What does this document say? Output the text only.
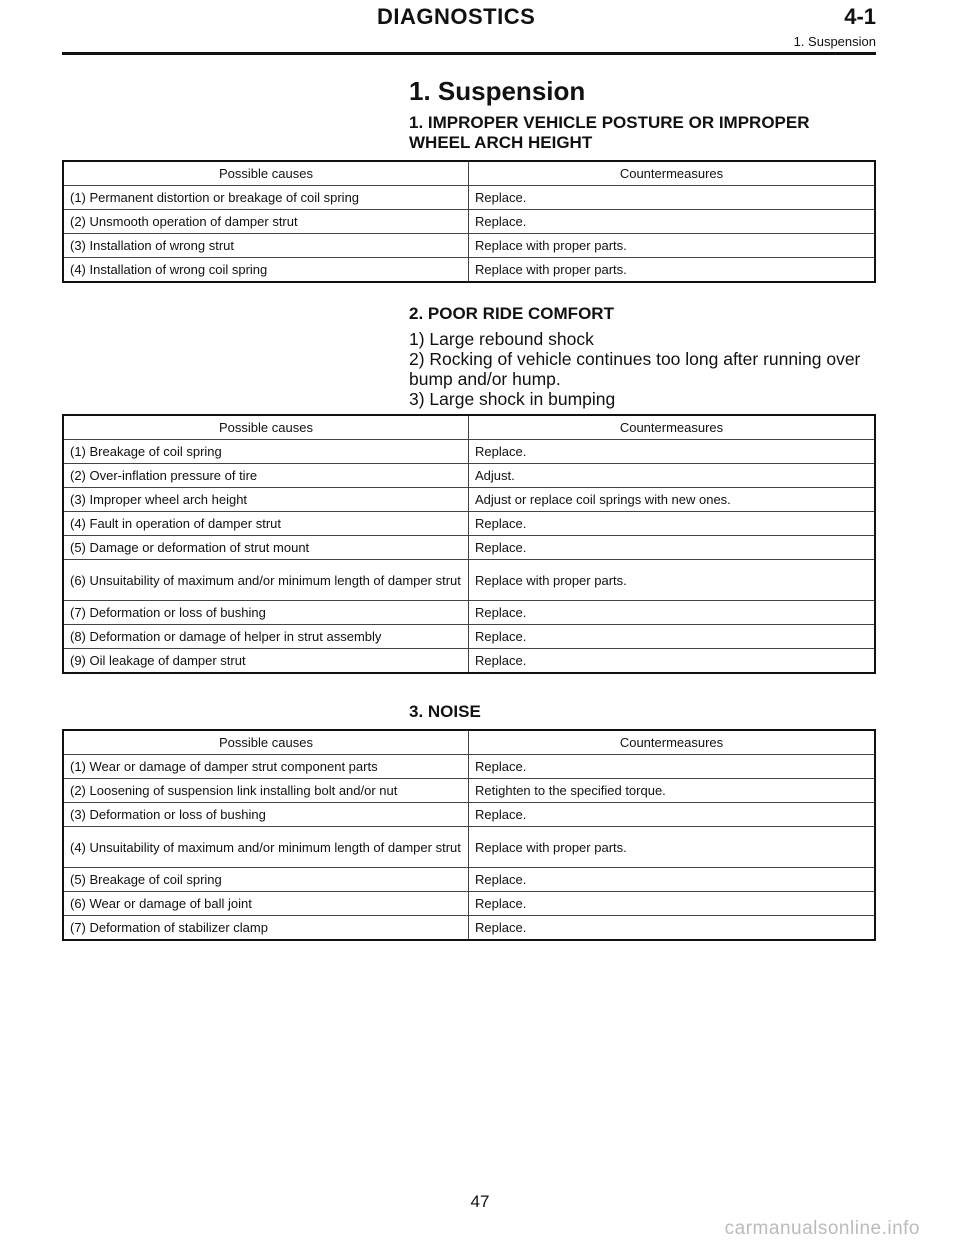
DIAGNOSTICS	4-1
1. Suspension
1. Suspension
1. IMPROPER VEHICLE POSTURE OR IMPROPER WHEEL ARCH HEIGHT
Possible causes	Countermeasures
(1) Permanent distortion or breakage of coil spring	Replace.
(2) Unsmooth operation of damper strut	Replace.
(3) Installation of wrong strut	Replace with proper parts.
(4) Installation of wrong coil spring	Replace with proper parts.
2. POOR RIDE COMFORT
1) Large rebound shock
2) Rocking of vehicle continues too long after running over bump and/or hump.
3) Large shock in bumping
Possible causes	Countermeasures
(1) Breakage of coil spring	Replace.
(2) Over-inflation pressure of tire	Adjust.
(3) Improper wheel arch height	Adjust or replace coil springs with new ones.
(4) Fault in operation of damper strut	Replace.
(5) Damage or deformation of strut mount	Replace.
(6) Unsuitability of maximum and/or minimum length of damper strut	Replace with proper parts.
(7) Deformation or loss of bushing	Replace.
(8) Deformation or damage of helper in strut assembly	Replace.
(9) Oil leakage of damper strut	Replace.
3. NOISE
Possible causes	Countermeasures
(1) Wear or damage of damper strut component parts	Replace.
(2) Loosening of suspension link installing bolt and/or nut	Retighten to the specified torque.
(3) Deformation or loss of bushing	Replace.
(4) Unsuitability of maximum and/or minimum length of damper strut	Replace with proper parts.
(5) Breakage of coil spring	Replace.
(6) Wear or damage of ball joint	Replace.
(7) Deformation of stabilizer clamp	Replace.
47
carmanualsonline.info
